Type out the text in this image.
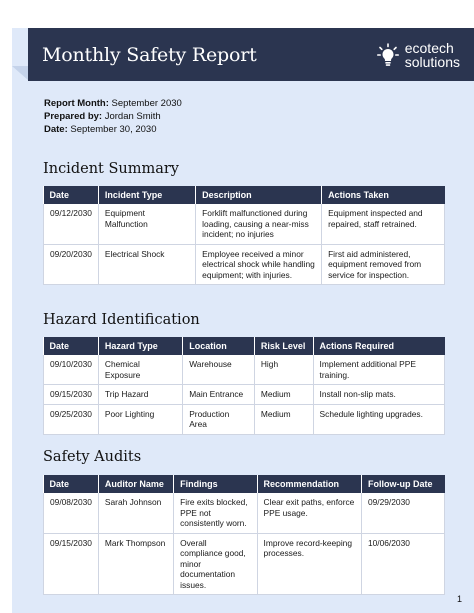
Monthly Safety Report	ecotech
solutions
Report Month: September 2030
Prepared by: Jordan Smith
Date: September 30, 2030
Incident Summary
Date	Incident Type	Description	Actions Taken
09/12/2030	Equipment Malfunction	Forklift malfunctioned during loading, causing a near-miss incident; no injuries	Equipment inspected and repaired, staff retrained.
09/20/2030	Electrical Shock	Employee received a minor electrical shock while handling equipment; with injuries.	First aid administered, equipment removed from service for inspection.
Hazard Identification
Date	Hazard Type	Location	Risk Level	Actions Required
09/10/2030	Chemical Exposure	Warehouse	High	Implement additional PPE training.
09/15/2030	Trip Hazard	Main Entrance	Medium	Install non-slip mats.
09/25/2030	Poor Lighting	Production Area	Medium	Schedule lighting upgrades.
Safety Audits
Date	Auditor Name	Findings	Recommendation	Follow-up Date
09/08/2030	Sarah Johnson	Fire exits blocked, PPE not consistently worn.	Clear exit paths, enforce PPE usage.	09/29/2030
09/15/2030	Mark Thompson	Overall compliance good, minor documentation issues.	Improve record-keeping processes.	10/06/2030
1
